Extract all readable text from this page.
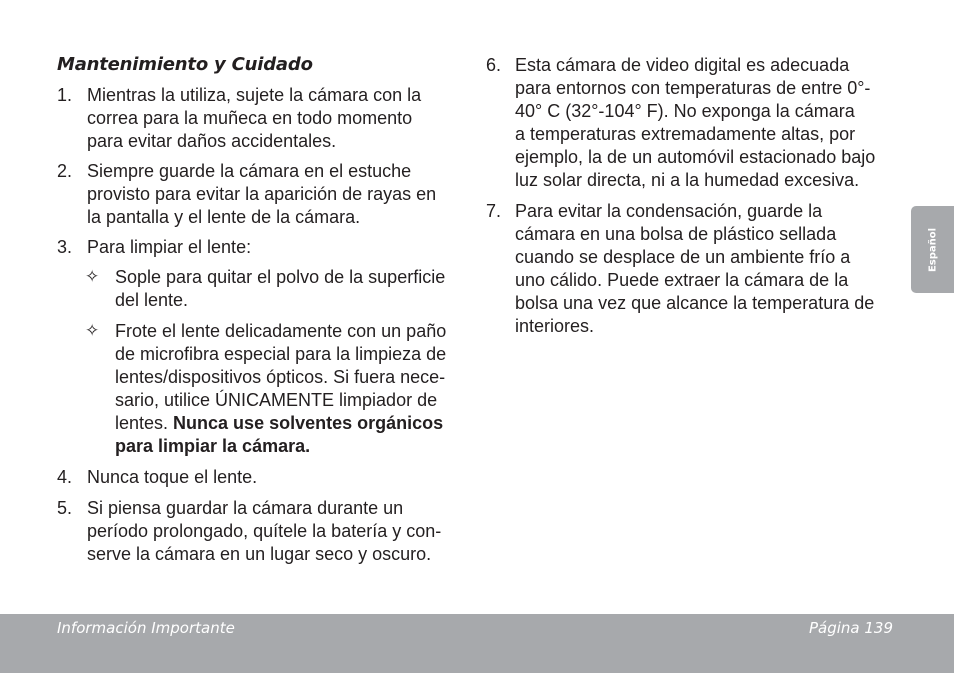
Mantenimiento y Cuidado
1. Mientras la utiliza, sujete la cámara con la
correa para la muñeca en todo momento
para evitar daños accidentales.
2. Siempre guarde la cámara en el estuche
provisto para evitar la aparición de rayas en
la pantalla y el lente de la cámara.
3. Para limpiar el lente:
✧ Sople para quitar el polvo de la superficie
del lente.
✧ Frote el lente delicadamente con un paño
de microfibra especial para la limpieza de
lentes/dispositivos ópticos. Si fuera nece-
sario, utilice ÚNICAMENTE limpiador de
lentes. Nunca use solventes orgánicos
para limpiar la cámara.
4. Nunca toque el lente.
5. Si piensa guardar la cámara durante un
período prolongado, quítele la batería y con-
serve la cámara en un lugar seco y oscuro.
6. Esta cámara de video digital es adecuada
para entornos con temperaturas de entre 0°-
40° C (32°-104° F). No exponga la cámara
a temperaturas extremadamente altas, por
ejemplo, la de un automóvil estacionado bajo
luz solar directa, ni a la humedad excesiva.
7. Para evitar la condensación, guarde la
cámara en una bolsa de plástico sellada
cuando se desplace de un ambiente frío a
uno cálido. Puede extraer la cámara de la
bolsa una vez que alcance la temperatura de
interiores.
Español
Información Importante	Página 139
